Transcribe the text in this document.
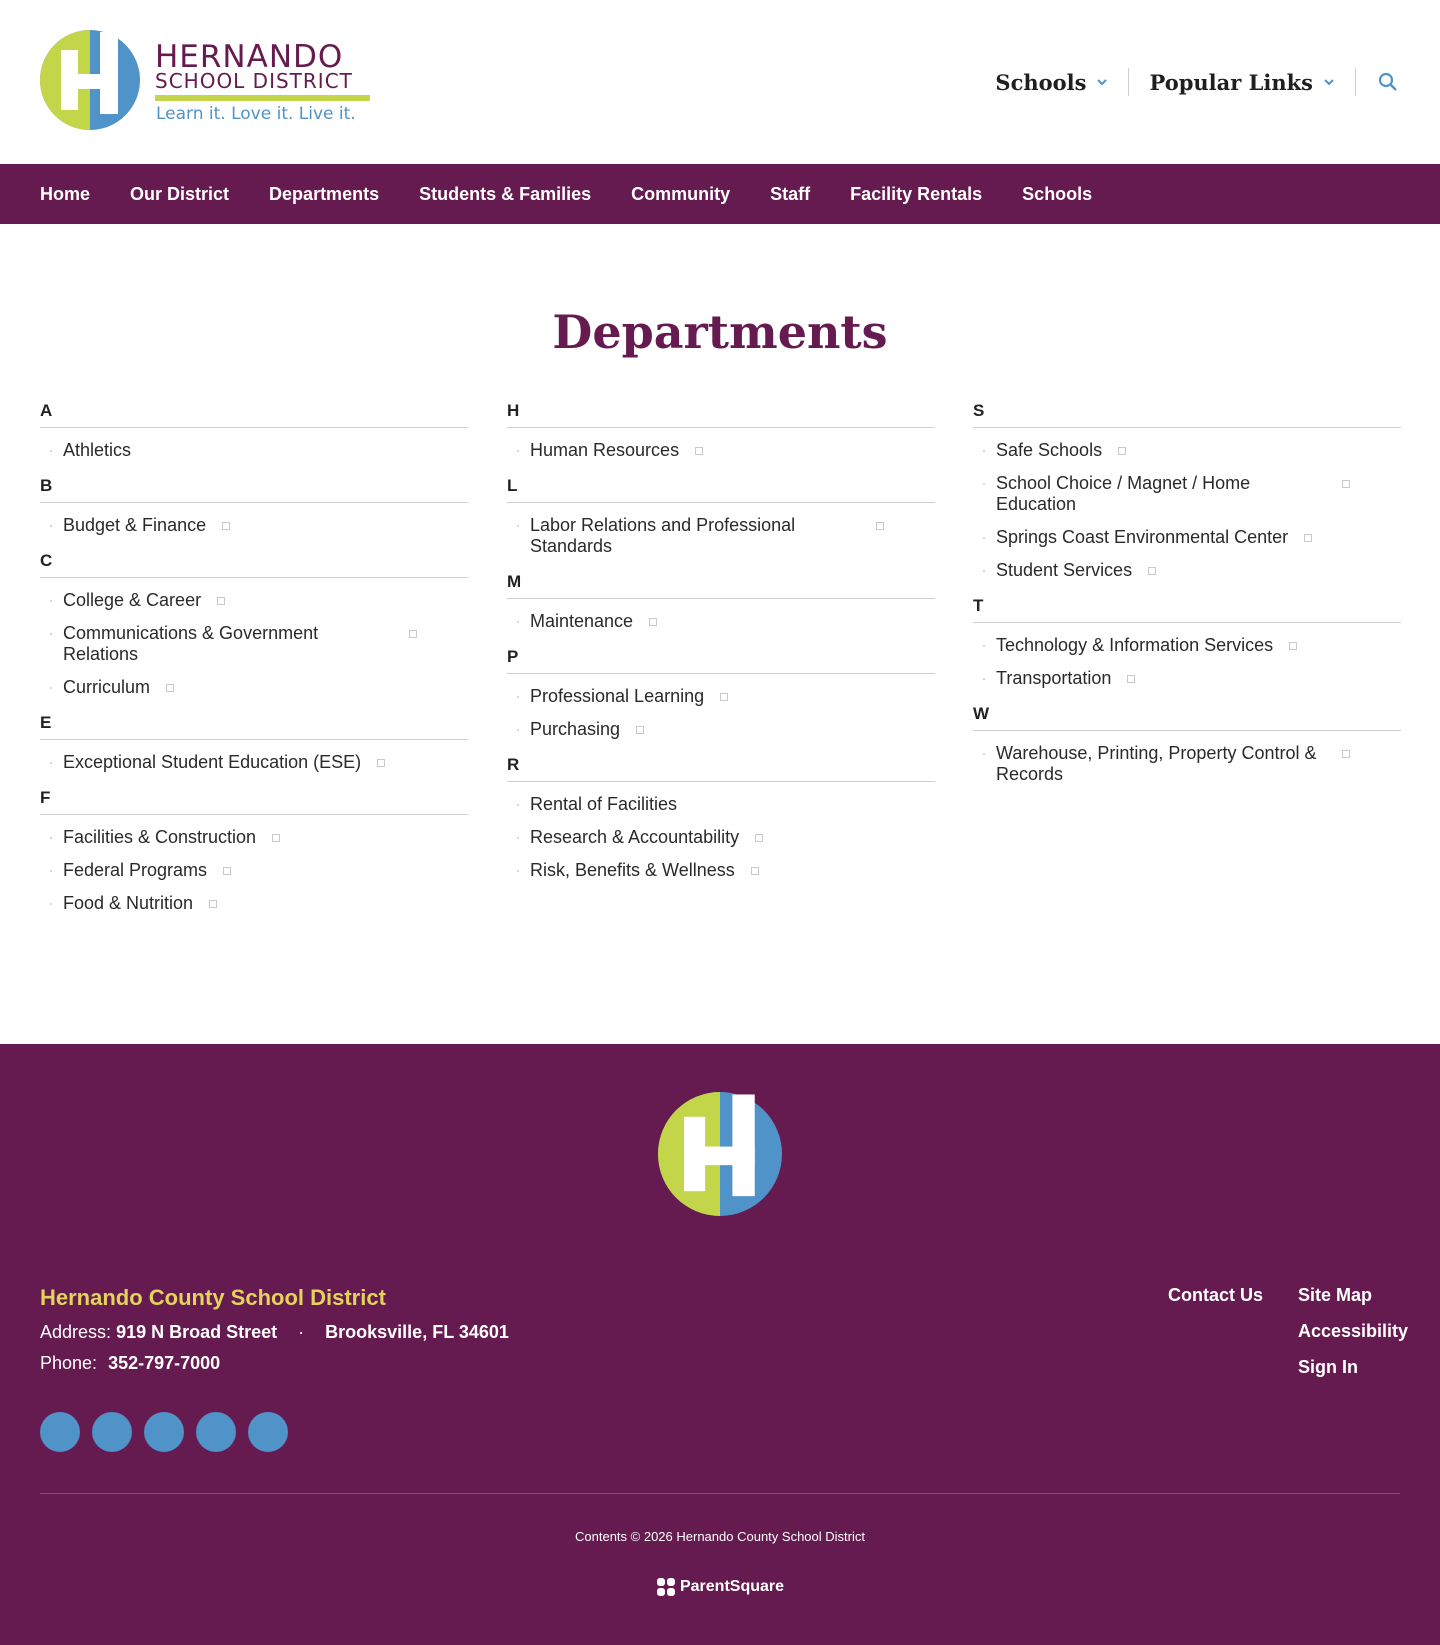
HERNANDO
SCHOOL DISTRICT
Learn it. Love it. Live it.
Schools	Popular Links
Home Our District Departments Students & Families Community Staff Facility Rentals Schools
Departments
A
Athletics
B
Budget & Finance
C
College & Career
Communications & Government Relations
Curriculum
E
Exceptional Student Education (ESE)
F
Facilities & Construction
Federal Programs
Food & Nutrition
H
Human Resources
L
Labor Relations and Professional Standards
M
Maintenance
P
Professional Learning
Purchasing
R
Rental of Facilities
Research & Accountability
Risk, Benefits & Wellness
S
Safe Schools
School Choice / Magnet / Home Education
Springs Coast Environmental Center
Student Services
T
Technology & Information Services
Transportation
W
Warehouse, Printing, Property Control & Records
Hernando County School District
Address: 919 N Broad Street · Brooksville, FL 34601
Phone: 352-797-7000
Contact Us Site Map
Accessibility
Sign In
Contents © 2026 Hernando County School District
ParentSquare
